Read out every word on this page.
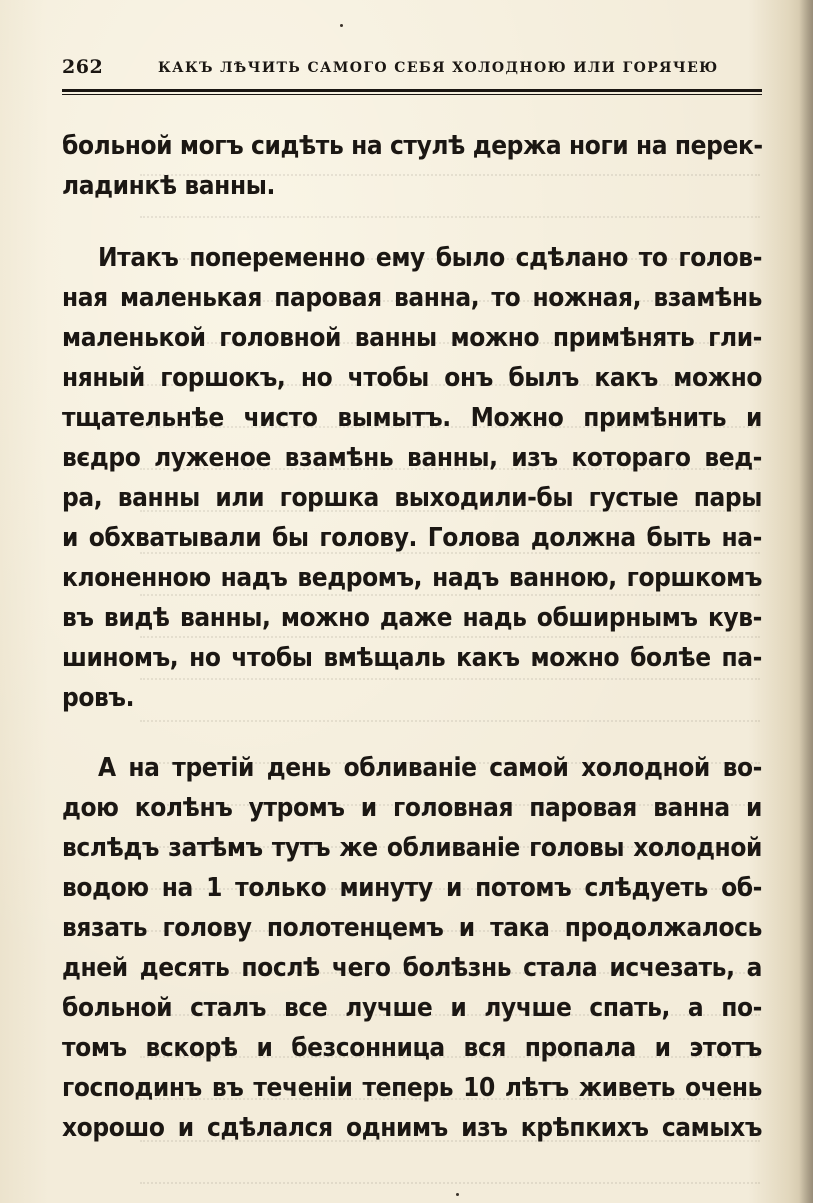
262	КАКЪ ЛѢЧИТЬ САМОГО СЕБЯ ХОЛОДНОЮ ИЛИ ГОРЯЧЕЮ
больной могъ сидѣть на стулѣ держа ноги на перек-
ладинкѣ ванны.
Итакъ попеременно ему было сдѣлано то голов-
ная маленькая паровая ванна, то ножная, взамѣнь
маленькой головной ванны можно примѣнять гли-
няный горшокъ, но чтобы онъ былъ какъ можно
тщательнѣе чисто вымытъ. Можно примѣнить и
вєдро луженое взамѣнь ванны, изъ котораго вед-
ра, ванны или горшка выходили-бы густые пары
и обхватывали бы голову. Голова должна быть на-
клоненною надъ ведромъ, надъ ванною, горшкомъ
въ видѣ ванны, можно даже надь обширнымъ кув-
шиномъ, но чтобы вмѣщаль какъ можно болѣе па-
ровъ.
А на третій день обливаніе самой холодной во-
дою колѣнъ утромъ и головная паровая ванна и
вслѣдъ затѣмъ тутъ же обливаніе головы холодной
водою на 1 только минуту и потомъ слѣдуеть об-
вязать голову полотенцемъ и така продолжалось
дней десять послѣ чего болѣзнь стала исчезать, а
больной сталъ все лучше и лучше спать, а по-
томъ вскорѣ и безсонница вся пропала и этотъ
господинъ въ теченіи теперь 10 лѣтъ живеть очень
хорошо и сдѣлался однимъ изъ крѣпкихъ самыхъ
